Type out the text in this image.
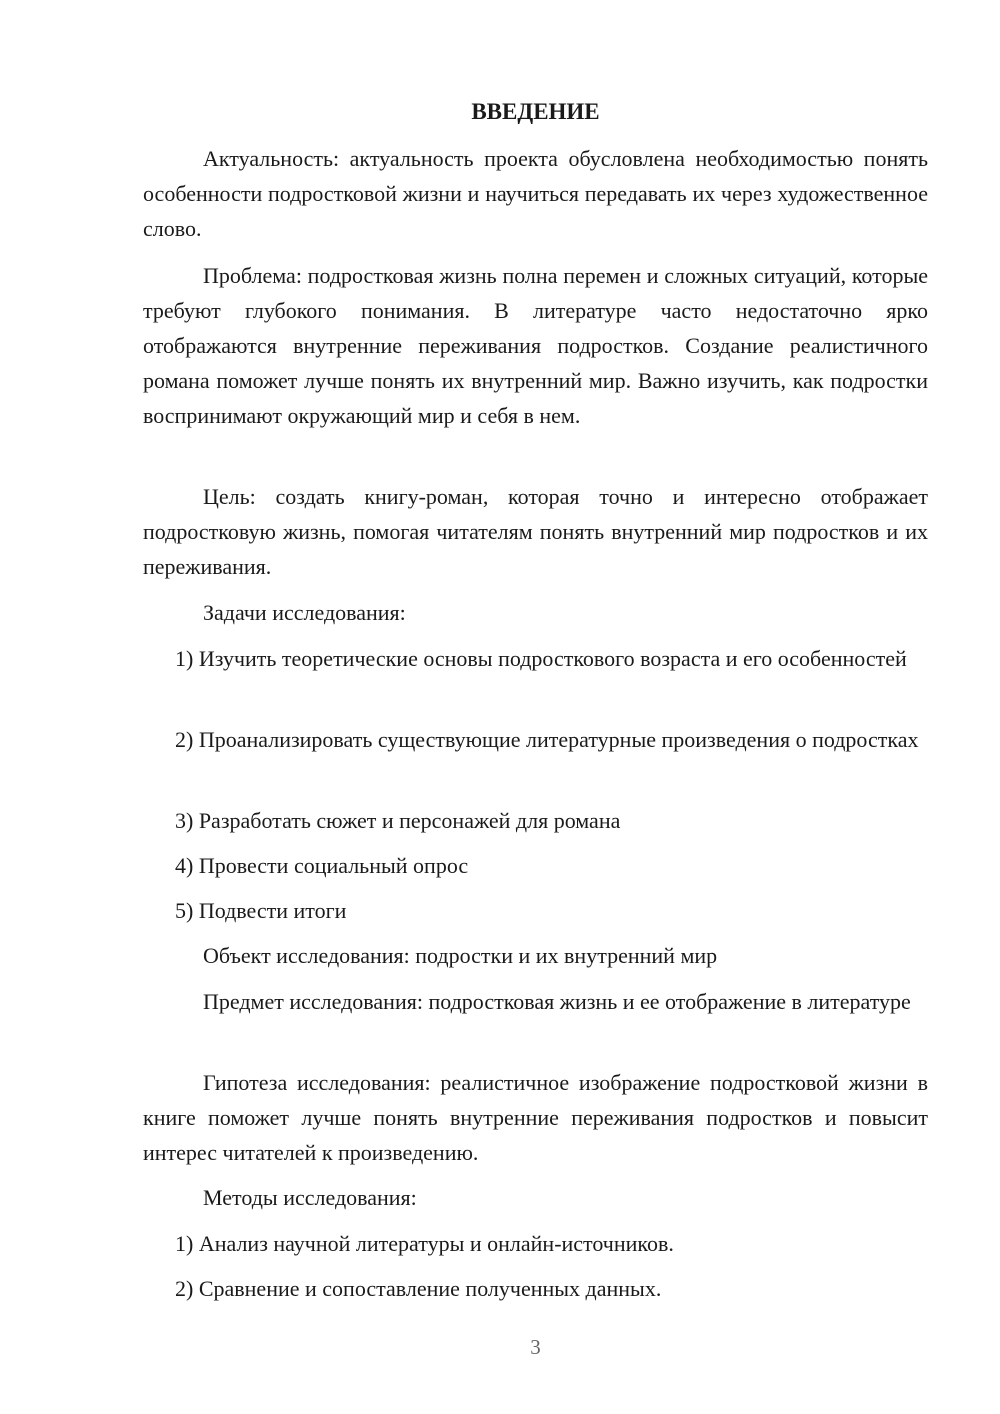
ВВЕДЕНИЕ

Актуальность: актуальность проекта обусловлена необходимостью понять особенности подростковой жизни и научиться передавать их через художественное слово.

Проблема: подростковая жизнь полна перемен и сложных ситуаций, которые требуют глубокого понимания. В литературе часто недостаточно ярко отображаются внутренние переживания подростков. Создание реалистичного романа поможет лучше понять их внутренний мир. Важно изучить, как подростки воспринимают окружающий мир и себя в нем.

Цель: создать книгу-роман, которая точно и интересно отображает подростковую жизнь, помогая читателям понять внутренний мир подростков и их переживания.

Задачи исследования:

1) Изучить теоретические основы подросткового возраста и его особенностей

2) Проанализировать существующие литературные произведения о подростках

3) Разработать сюжет и персонажей для романа

4) Провести социальный опрос

5) Подвести итоги

Объект исследования: подростки и их внутренний мир

Предмет исследования: подростковая жизнь и ее отображение в литературе

Гипотеза исследования: реалистичное изображение подростковой жизни в книге поможет лучше понять внутренние переживания подростков и повысит интерес читателей к произведению.

Методы исследования:

1) Анализ научной литературы и онлайн-источников.

2) Сравнение и сопоставление полученных данных.

3
